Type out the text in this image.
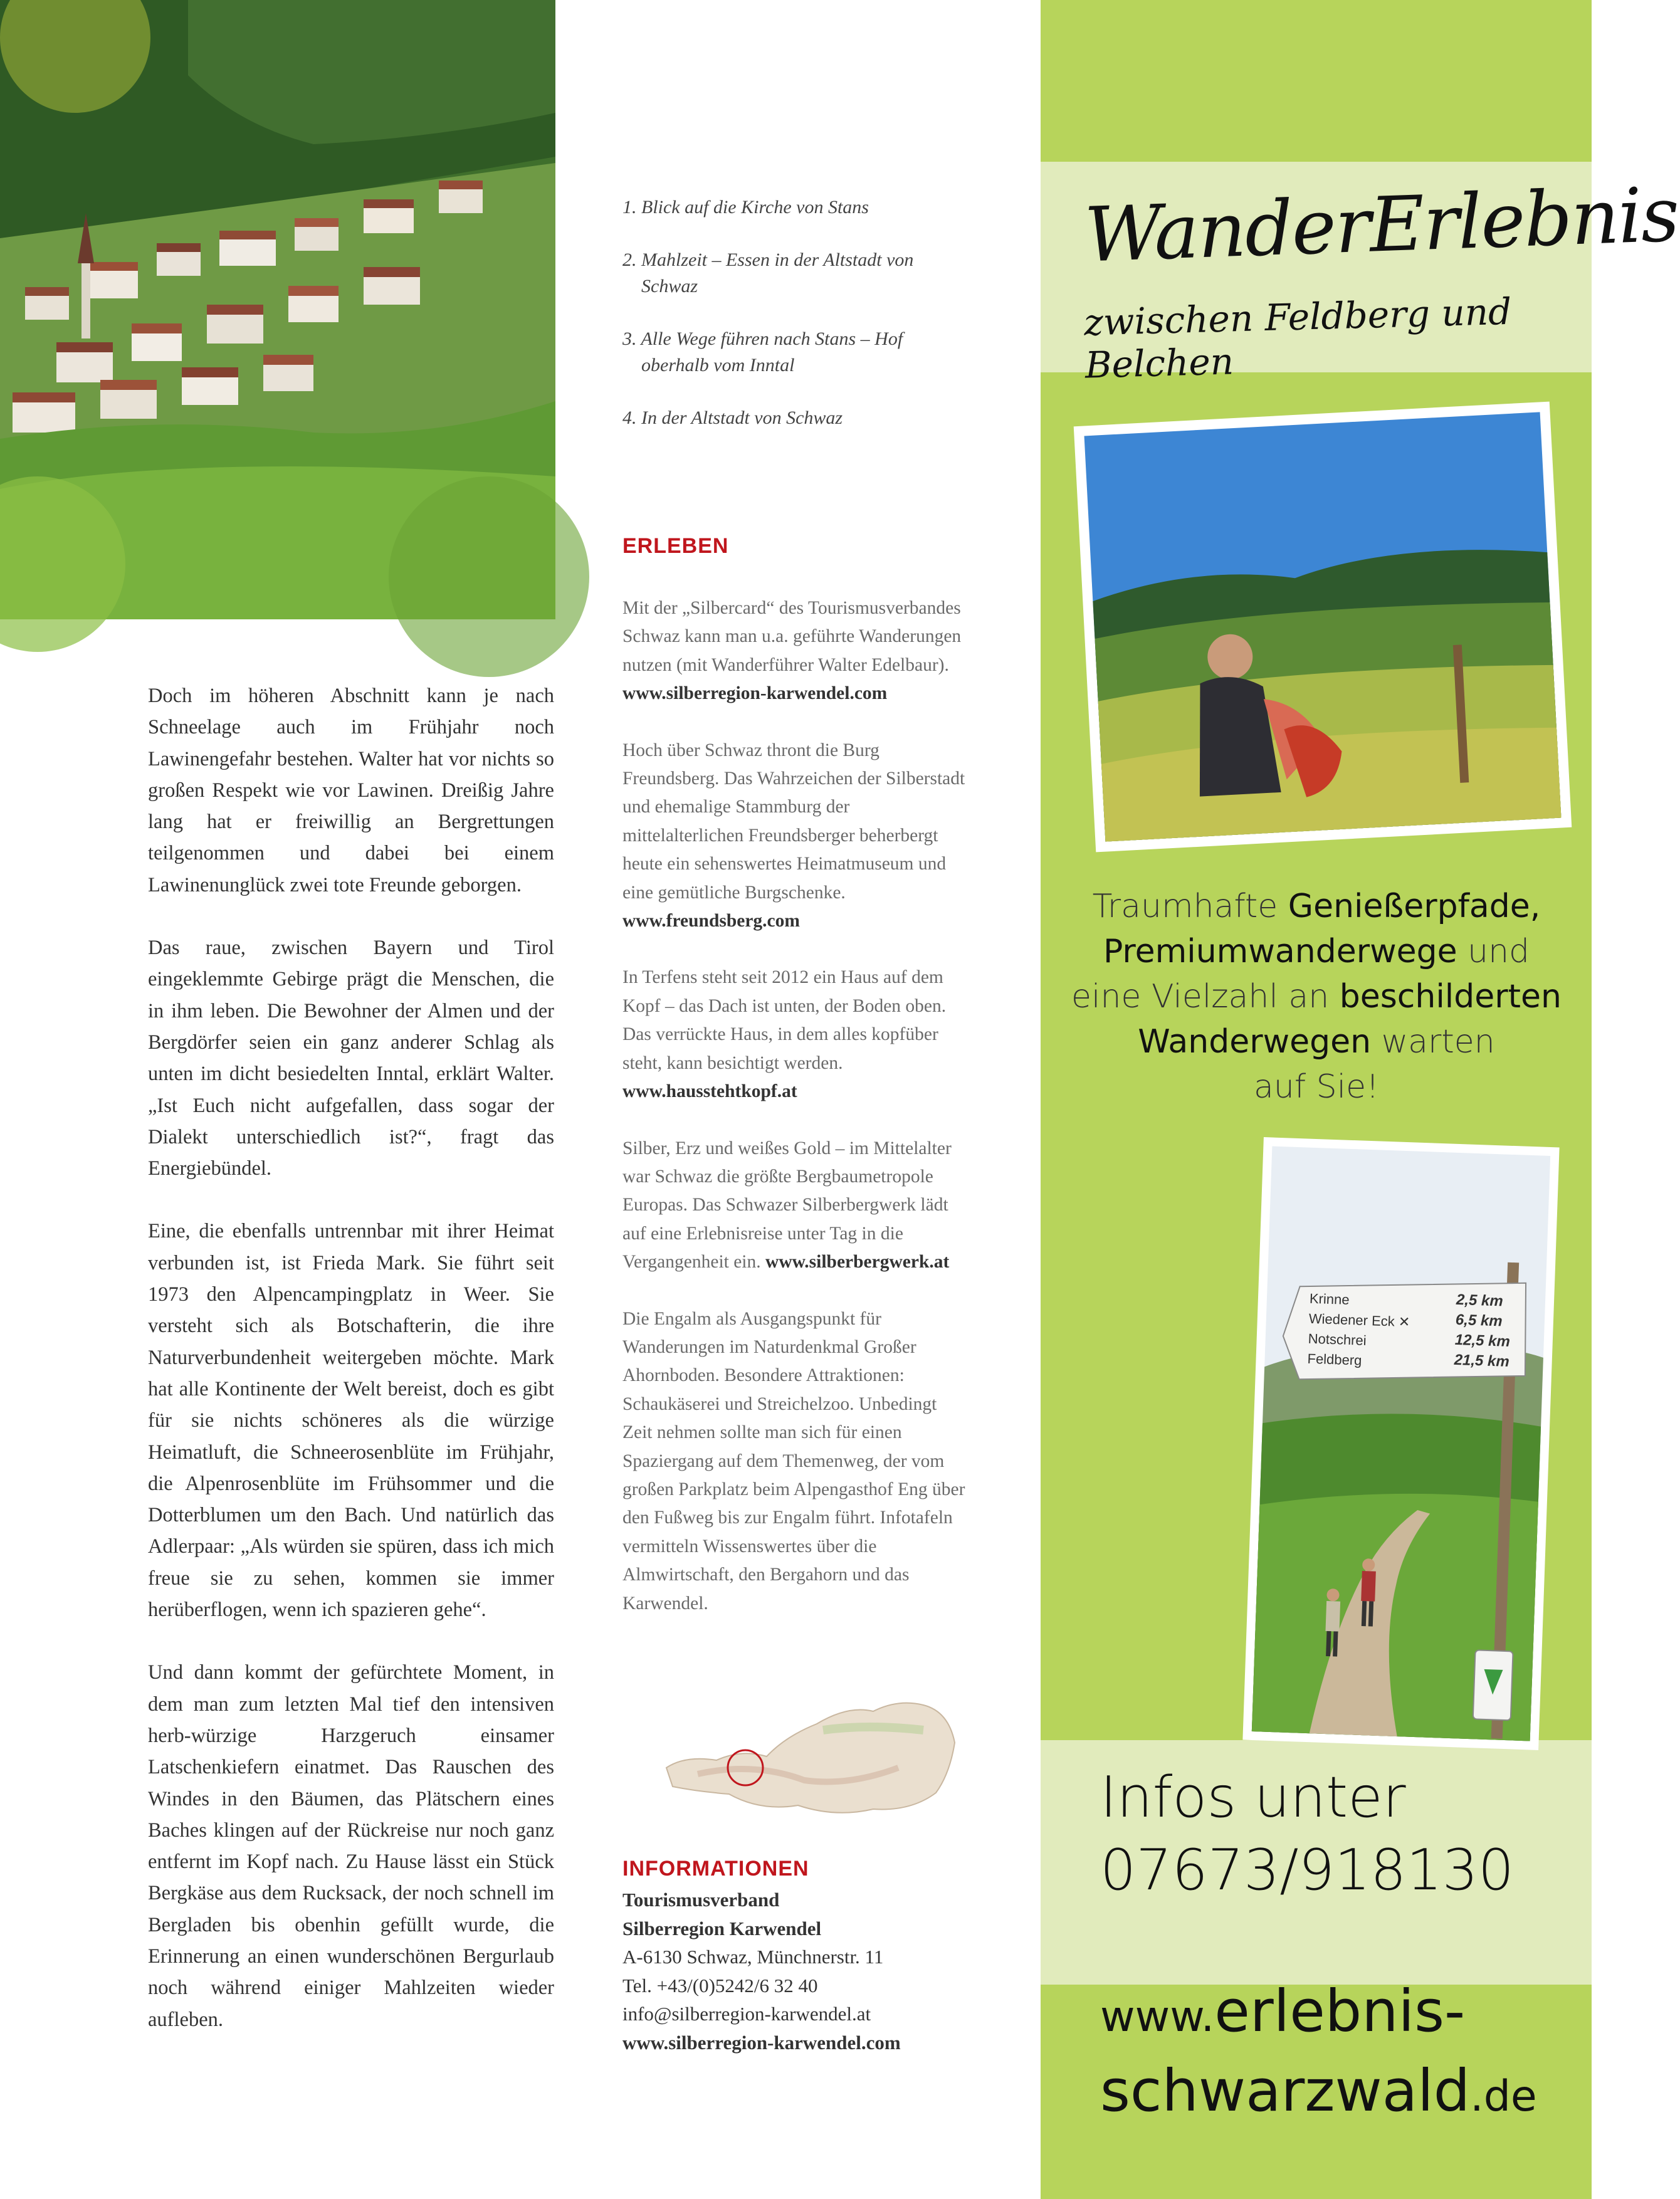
Doch im höheren Abschnitt kann je nach Schneelage auch im Frühjahr noch Lawinengefahr bestehen. Walter hat vor nichts so großen Respekt wie vor Lawinen. Dreißig Jahre lang hat er freiwillig an Bergrettungen teilgenommen und dabei bei einem Lawinenunglück zwei tote Freunde geborgen.

Das raue, zwischen Bayern und Tirol eingeklemmte Gebirge prägt die Menschen, die in ihm leben. Die Bewohner der Almen und der Bergdörfer seien ein ganz anderer Schlag als unten im dicht besiedelten Inntal, erklärt Walter. „Ist Euch nicht aufgefallen, dass sogar der Dialekt unterschiedlich ist?“, fragt das Energiebündel.

Eine, die ebenfalls untrennbar mit ihrer Heimat verbunden ist, ist Frieda Mark. Sie führt seit 1973 den Alpencampingplatz in Weer. Sie versteht sich als Botschafterin, die ihre Naturverbundenheit weitergeben möchte. Mark hat alle Kontinente der Welt bereist, doch es gibt für sie nichts schöneres als die würzige Heimatluft, die Schneerosenblüte im Frühjahr, die Alpenrosenblüte im Frühsommer und die Dotterblumen um den Bach. Und natürlich das Adlerpaar: „Als würden sie spüren, dass ich mich freue sie zu sehen, kommen sie immer herüberflogen, wenn ich spazieren gehe“.

Und dann kommt der gefürchtete Moment, in dem man zum letzten Mal tief den intensiven herb-würzige Harzgeruch einsamer Latschenkiefern einatmet. Das Rauschen des Windes in den Bäumen, das Plätschern eines Baches klingen auf der Rückreise nur noch ganz entfernt im Kopf nach. Zu Hause lässt ein Stück Bergkäse aus dem Rucksack, der noch schnell im Bergladen bis obenhin gefüllt wurde, die Erinnerung an einen wunderschönen Bergurlaub noch während einiger Mahlzeiten wieder aufleben.

1. Blick auf die Kirche von Stans
2. Mahlzeit – Essen in der Altstadt von
Schwaz
3. Alle Wege führen nach Stans – Hof
oberhalb vom Inntal
4. In der Altstadt von Schwaz
ERLEBEN

Mit der „Silbercard“ des Tourismusverbandes Schwaz kann man u.a. geführte Wanderungen nutzen (mit Wanderführer Walter Edelbaur). www.silberregion-karwendel.com

Hoch über Schwaz thront die Burg Freundsberg. Das Wahrzeichen der Silberstadt und ehemalige Stammburg der mittelalterlichen Freundsberger beherbergt heute ein sehenswertes Heimatmuseum und eine gemütliche Burgschenke. www.freundsberg.com

In Terfens steht seit 2012 ein Haus auf dem Kopf – das Dach ist unten, der Boden oben. Das verrückte Haus, in dem alles kopfüber steht, kann besichtigt werden. www.hausstehtkopf.at

Silber, Erz und weißes Gold – im Mittelalter war Schwaz die größte Bergbaumetropole Europas. Das Schwazer Silberbergwerk lädt auf eine Erlebnisreise unter Tag in die Vergangenheit ein. www.silberbergwerk.at

Die Engalm als Ausgangspunkt für Wanderungen im Naturdenkmal Großer Ahornboden. Besondere Attraktionen: Schaukäserei und Streichelzoo. Unbedingt Zeit nehmen sollte man sich für einen Spaziergang auf dem Themenweg, der vom großen Parkplatz beim Alpengasthof Eng über den Fußweg bis zur Engalm führt. Infotafeln vermitteln Wissenswertes über die Almwirtschaft, den Bergahorn und das Karwendel.

INFORMATIONEN
Tourismusverband
Silberregion Karwendel
A-6130 Schwaz, Münchnerstr. 11
Tel. +43/(0)5242/6 32 40
info@silberregion-karwendel.at
www.silberregion-karwendel.com
WanderErlebnis
zwischen Feldberg und Belchen
Traumhafte Genießerpfade,
Premiumwanderwege und
eine Vielzahl an beschilderten
Wanderwegen warten
auf Sie!
Krinne
Wiedener Eck ✕
Notschrei
Feldberg
2,5 km
6,5 km
12,5 km
21,5 km
Infos unter
07673/918130
www.erlebnis-
schwarzwald.de
